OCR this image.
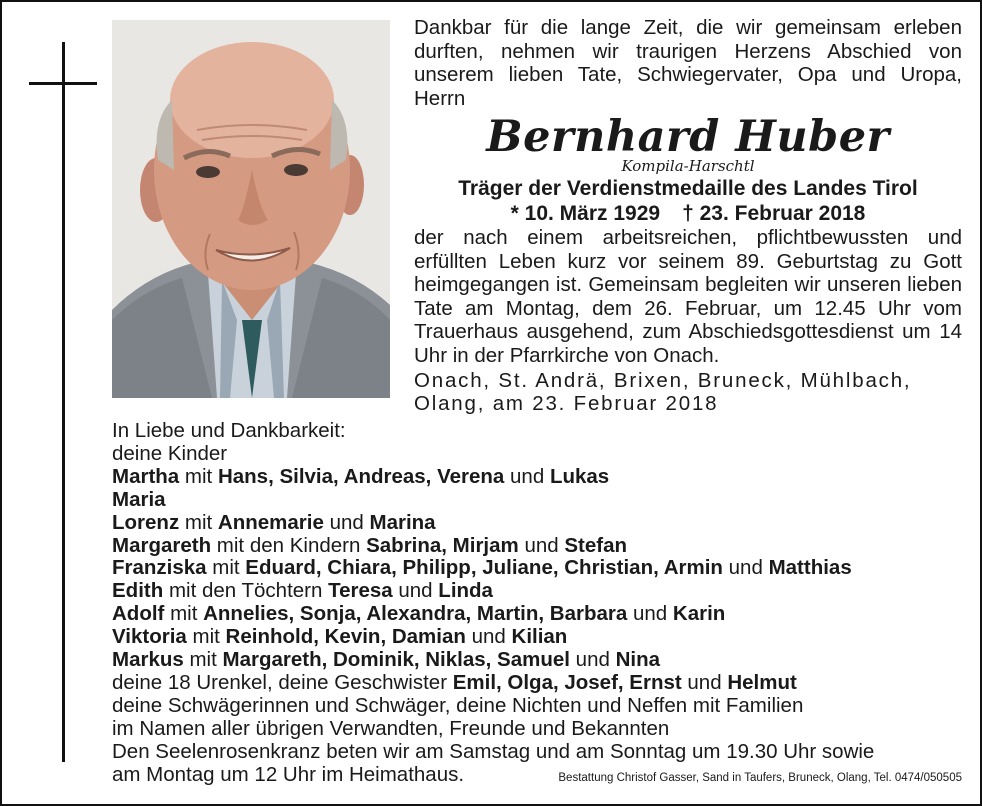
Dankbar für die lange Zeit, die wir gemeinsam erleben durften, nehmen wir traurigen Herzens Abschied von unserem lieben Tate, Schwiegervater, Opa und Uropa, Herrn

Bernhard Huber
Kompila-Harschtl
Träger der Verdienstmedaille des Landes Tirol
* 10. März 1929 † 23. Februar 2018

der nach einem arbeitsreichen, pflichtbewussten und erfüllten Leben kurz vor seinem 89. Geburtstag zu Gott heimgegangen ist. Gemeinsam begleiten wir unseren lieben Tate am Montag, dem 26. Februar, um 12.45 Uhr vom Trauerhaus ausgehend, zum Abschiedsgottesdienst um 14 Uhr in der Pfarrkirche von Onach.

Onach, St. Andrä, Brixen, Bruneck, Mühlbach, Olang, am 23. Februar 2018

In Liebe und Dankbarkeit:
deine Kinder
Martha mit Hans, Silvia, Andreas, Verena und Lukas
Maria
Lorenz mit Annemarie und Marina
Margareth mit den Kindern Sabrina, Mirjam und Stefan
Franziska mit Eduard, Chiara, Philipp, Juliane, Christian, Armin und Matthias
Edith mit den Töchtern Teresa und Linda
Adolf mit Annelies, Sonja, Alexandra, Martin, Barbara und Karin
Viktoria mit Reinhold, Kevin, Damian und Kilian
Markus mit Margareth, Dominik, Niklas, Samuel und Nina
deine 18 Urenkel, deine Geschwister Emil, Olga, Josef, Ernst und Helmut
deine Schwägerinnen und Schwäger, deine Nichten und Neffen mit Familien
im Namen aller übrigen Verwandten, Freunde und Bekannten
Den Seelenrosenkranz beten wir am Samstag und am Sonntag um 19.30 Uhr sowie
am Montag um 12 Uhr im Heimathaus.	Bestattung Christof Gasser, Sand in Taufers, Bruneck, Olang, Tel. 0474/050505
